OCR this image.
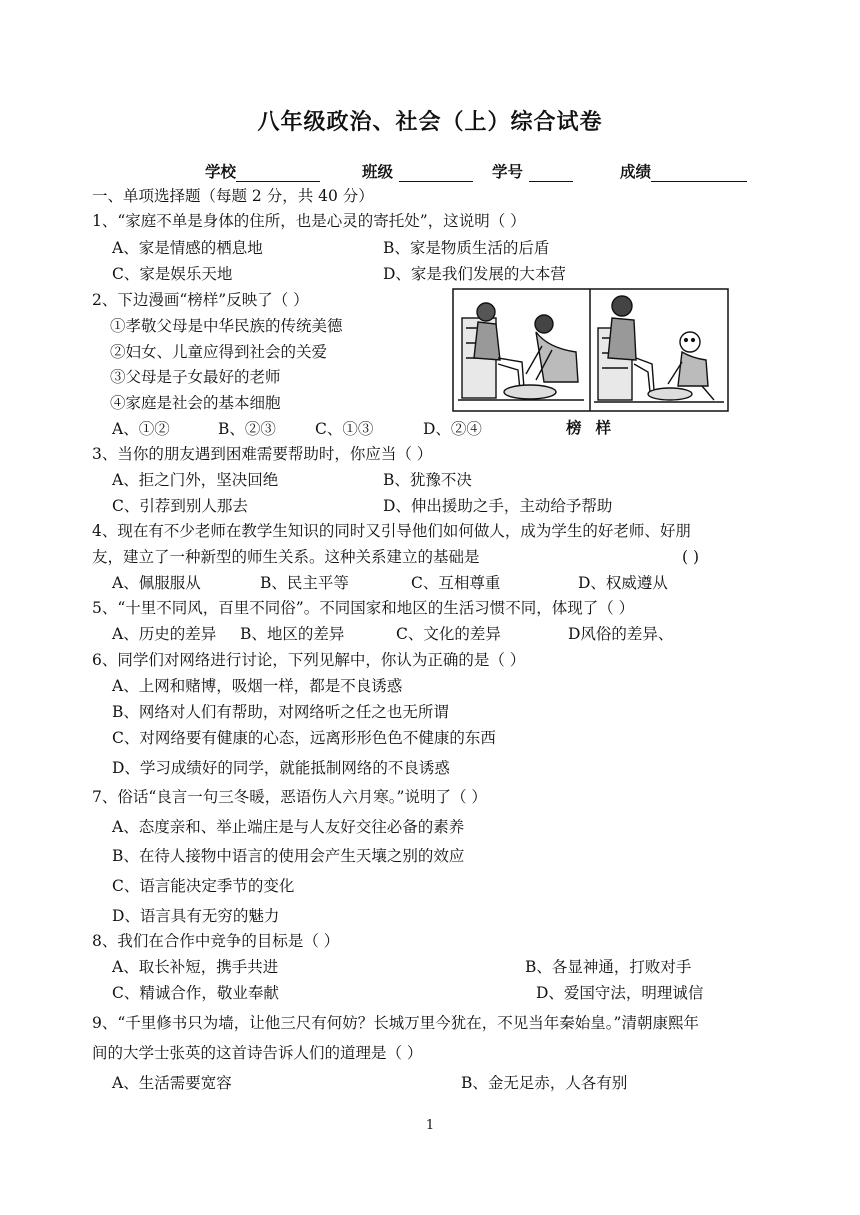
八年级政治、社会（上）综合试卷
学校	班级	学号	成绩
一、单项选择题（每题 2 分，共 40 分）
1、“家庭不单是身体的住所，也是心灵的寄托处”，这说明（ ）
A、家是情感的栖息地	B、家是物质生活的后盾
C、家是娱乐天地	D、家是我们发展的大本营
2、下边漫画“榜样”反映了（ ）
①孝敬父母是中华民族的传统美德
②妇女、儿童应得到社会的关爱
③父母是子女最好的老师
④家庭是社会的基本细胞
A、①②	B、②③	C、①③	D、②④	榜样
3、当你的朋友遇到困难需要帮助时，你应当（ ）
A、拒之门外，坚决回绝	B、犹豫不决
C、引荐到别人那去	D、伸出援助之手，主动给予帮助
4、现在有不少老师在教学生知识的同时又引导他们如何做人，成为学生的好老师、好朋
友，建立了一种新型的师生关系。这种关系建立的基础是	( )
A、佩服服从	B、民主平等	C、互相尊重	D、权威遵从
5、“十里不同风，百里不同俗”。不同国家和地区的生活习惯不同，体现了（ ）
A、历史的差异 B、地区的差异	C、文化的差异	D风俗的差异、
6、同学们对网络进行讨论，下列见解中，你认为正确的是（ ）
A、上网和赌博，吸烟一样，都是不良诱惑
B、网络对人们有帮助，对网络听之任之也无所谓
C、对网络要有健康的心态，远离形形色色不健康的东西
D、学习成绩好的同学，就能抵制网络的不良诱惑
7、俗话“良言一句三冬暖，恶语伤人六月寒。”说明了（ ）
A、态度亲和、举止端庄是与人友好交往必备的素养
B、在待人接物中语言的使用会产生天壤之别的效应
C、语言能决定季节的变化
D、语言具有无穷的魅力
8、我们在合作中竞争的目标是（ ）
A、取长补短，携手共进	B、各显神通，打败对手
C、精诚合作，敬业奉献	D、爱国守法，明理诚信
9、“千里修书只为墙，让他三尺有何妨？长城万里今犹在，不见当年秦始皇。”清朝康熙年
间的大学士张英的这首诗告诉人们的道理是（ ）
A、生活需要宽容	B、金无足赤，人各有别
1
